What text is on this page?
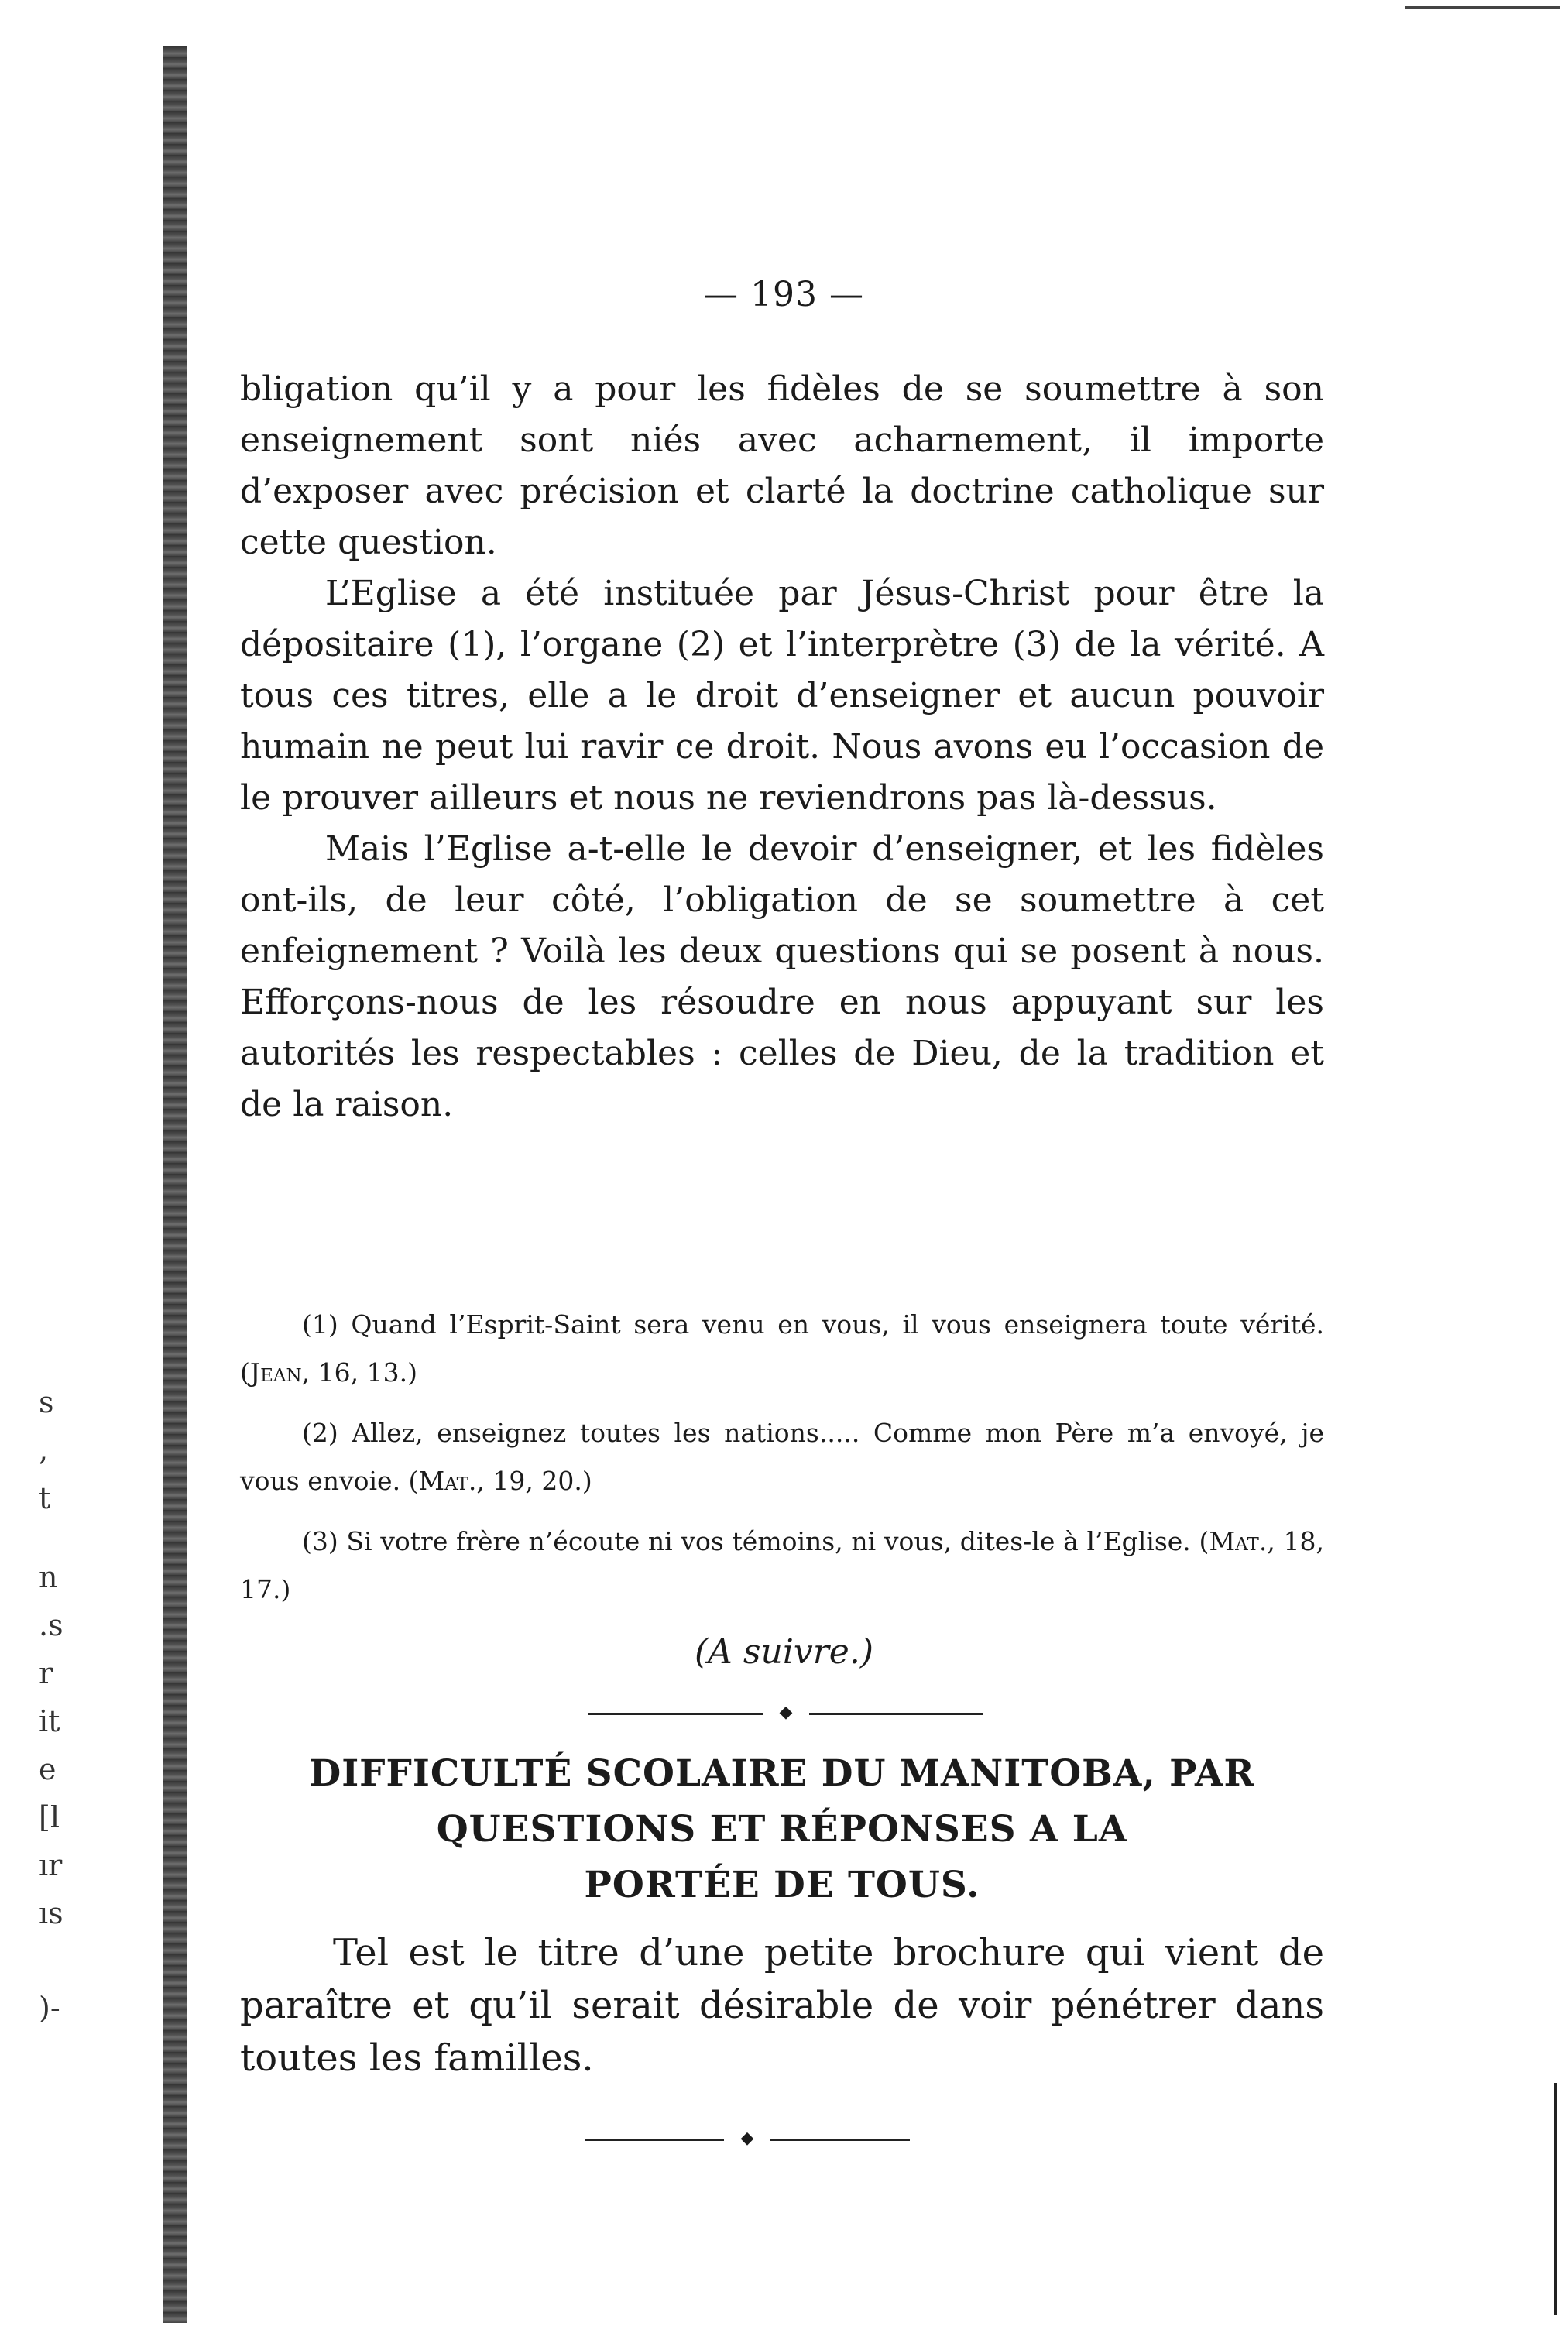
s
,
t
n
.s
r
it
e
[l
ır
ıs
)-
— 193 —

bligation qu’il y a pour les fidèles de se soumettre à son enseignement sont niés avec acharnement, il importe d’exposer avec précision et clarté la doctrine catholique sur cette question.

L’Eglise a été instituée par Jésus-Christ pour être la dépositaire (1), l’organe (2) et l’interprètre (3) de la vérité. A tous ces titres, elle a le droit d’enseigner et aucun pouvoir humain ne peut lui ravir ce droit. Nous avons eu l’occasion de le prouver ailleurs et nous ne reviendrons pas là-dessus.

Mais l’Eglise a-t-elle le devoir d’enseigner, et les fidèles ont-ils, de leur côté, l’obligation de se soumettre à cet enfeignement ? Voilà les deux questions qui se posent à nous. Efforçons-nous de les résoudre en nous appuyant sur les autorités les respectables : celles de Dieu, de la tradition et de la raison.

(1) Quand l’Esprit-Saint sera venu en vous, il vous enseignera toute vérité. (Jean, 16, 13.)

(2) Allez, enseignez toutes les nations..... Comme mon Père m’a envoyé, je vous envoie. (Mat., 19, 20.)

(3) Si votre frère n’écoute ni vos témoins, ni vous, dites-le à l’Eglise. (Mat., 18, 17.)

(A suivre.)
◆
DIFFICULTÉ SCOLAIRE DU MANITOBA, PAR
QUESTIONS ET RÉPONSES A LA
PORTÉE DE TOUS.

Tel est le titre d’une petite brochure qui vient de paraître et qu’il serait désirable de voir pénétrer dans toutes les familles.

◆
